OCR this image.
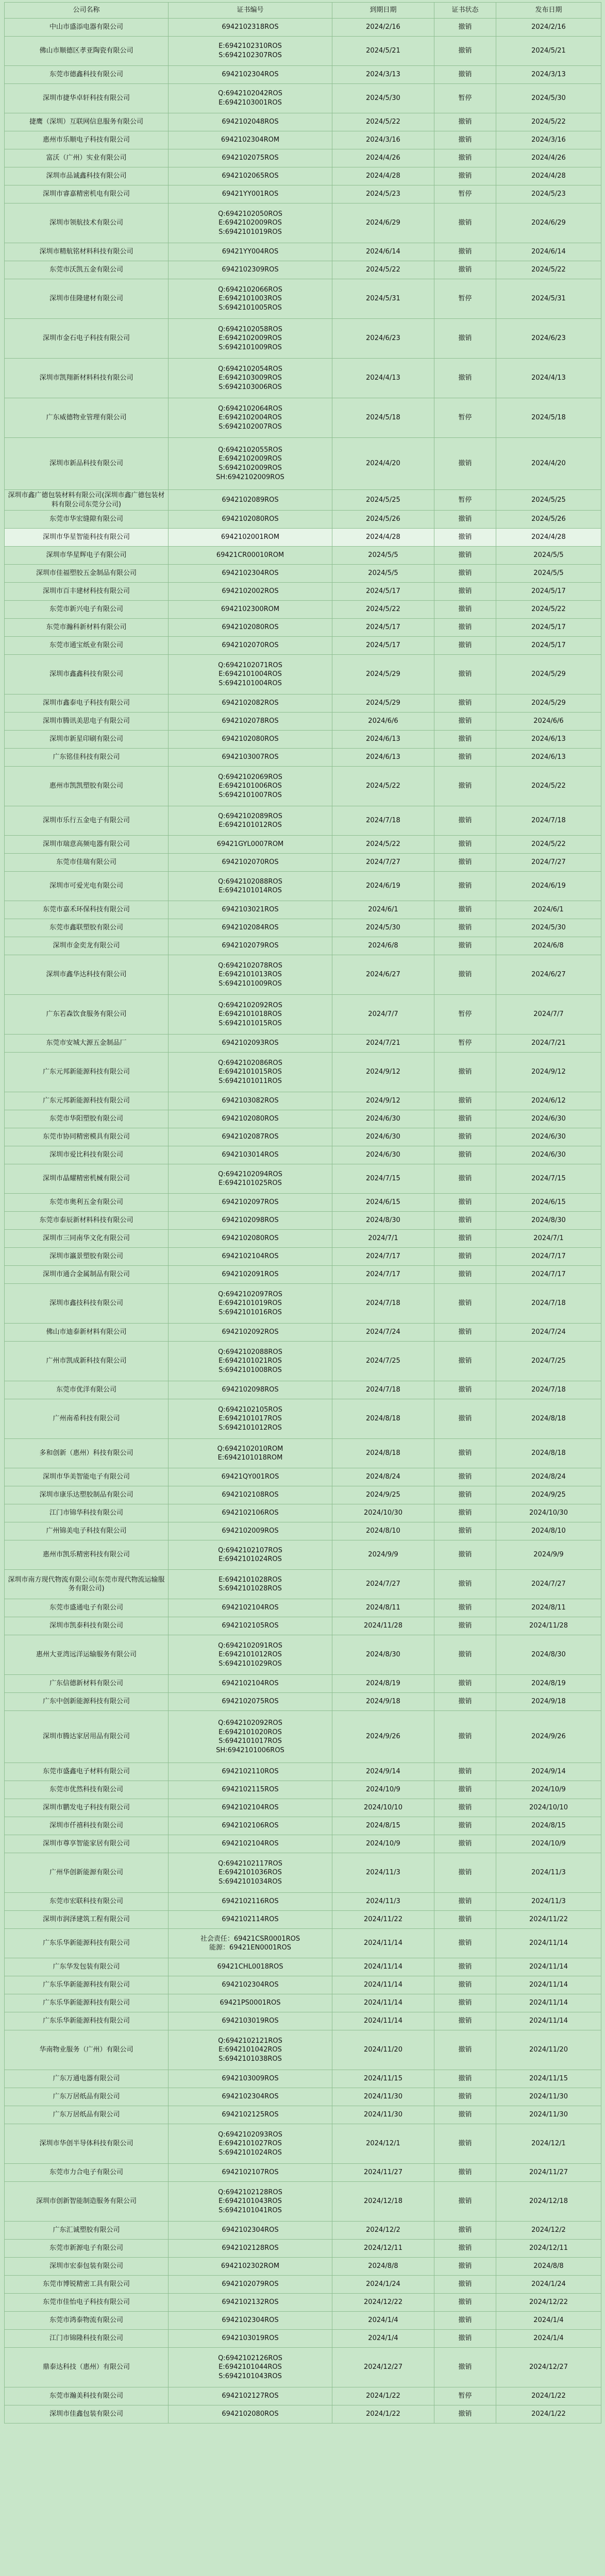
公司名称	证书编号	到期日期	证书状态	发布日期
中山市盛添电器有限公司	6942102318ROS	2024/2/16	撤销	2024/2/16
佛山市顺德区孝亚陶瓷有限公司	E:6942102310ROS
S:6942102307ROS	2024/5/21	撤销	2024/5/21
东莞市德鑫科技有限公司	6942102304ROS	2024/3/13	撤销	2024/3/13
深圳市捷华卓轩科技有限公司	Q:6942102042ROS
E:6942103001ROS	2024/5/30	暂停	2024/5/30
捷鹰（深圳）互联网信息服务有限公司	6942102048ROS	2024/5/22	撤销	2024/5/22
惠州市乐顺电子科技有限公司	6942102304ROM	2024/3/16	撤销	2024/3/16
富沃（广州）实业有限公司	6942102075ROS	2024/4/26	撤销	2024/4/26
深圳市品诚鑫科技有限公司	6942102065ROS	2024/4/28	撤销	2024/4/28
深圳市睿嘉精密机电有限公司	69421YY001ROS	2024/5/23	暂停	2024/5/23
深圳市领航技术有限公司	Q:6942102050ROS
E:6942102009ROS
S:6942101019ROS	2024/6/29	撤销	2024/6/29
深圳市精航铭材料科技有限公司	69421YY004ROS	2024/6/14	撤销	2024/6/14
东莞市沃凯五金有限公司	6942102309ROS	2024/5/22	撤销	2024/5/22
深圳市佳隆建材有限公司	Q:6942102066ROS
E:6942101003ROS
S:6942101005ROS	2024/5/31	暂停	2024/5/31
深圳市金石电子科技有限公司	Q:6942102058ROS
E:6942102009ROS
S:6942101009ROS	2024/6/23	撤销	2024/6/23
深圳市凯翔新材料科技有限公司	Q:6942102054ROS
E:6942103009ROS
S:6942103006ROS	2024/4/13	撤销	2024/4/13
广东威德物业管理有限公司	Q:6942102064ROS
E:6942102004ROS
S:6942102007ROS	2024/5/18	暂停	2024/5/18
深圳市新品科技有限公司	Q:6942102055ROS
E:6942102009ROS
S:6942102009ROS
SH:6942102009ROS	2024/4/20	撤销	2024/4/20
深圳市鑫广德包装材料有限公司(深圳市鑫广德包装材料有限公司东莞分公司)	6942102089ROS	2024/5/25	暂停	2024/5/25
东莞市华宏缝隙有限公司	6942102080ROS	2024/5/26	撤销	2024/5/26
深圳市华星智能科技有限公司	6942102001ROM	2024/4/28	撤销	2024/4/28
深圳市华星辉电子有限公司	69421CR00010ROM	2024/5/5	撤销	2024/5/5
深圳市佳福塑胶五金制品有限公司	6942102304ROS	2024/5/5	撤销	2024/5/5
深圳市百丰建材科技有限公司	6942102002ROS	2024/5/17	撤销	2024/5/17
东莞市新兴电子有限公司	6942102300ROM	2024/5/22	撤销	2024/5/22
东莞市瀚科新材料有限公司	6942102080ROS	2024/5/17	撤销	2024/5/17
东莞市通宝纸业有限公司	6942102070ROS	2024/5/17	撤销	2024/5/17
深圳市鑫鑫科技有限公司	Q:6942102071ROS
E:6942101004ROS
S:6942101004ROS	2024/5/29	撤销	2024/5/29
深圳市鑫泰电子科技有限公司	6942102082ROS	2024/5/29	撤销	2024/5/29
深圳市腾讯美思电子有限公司	6942102078ROS	2024/6/6	撤销	2024/6/6
深圳市新星印刷有限公司	6942102080ROS	2024/6/13	撤销	2024/6/13
广东铭佳科技有限公司	6942103007ROS	2024/6/13	撤销	2024/6/13
惠州市凯凯塑胶有限公司	Q:6942102069ROS
E:6942101006ROS
S:6942101007ROS	2024/5/22	撤销	2024/5/22
深圳市乐行五金电子有限公司	Q:6942102089ROS
E:6942101012ROS	2024/7/18	撤销	2024/7/18
深圳市瑞意高频电器有限公司	69421GYL0007ROM	2024/5/22	撤销	2024/5/22
东莞市佳瑞有限公司	6942102070ROS	2024/7/27	撤销	2024/7/27
深圳市可爱光电有限公司	Q:6942102088ROS
E:6942101014ROS	2024/6/19	撤销	2024/6/19
东莞市嘉禾环保科技有限公司	6942103021ROS	2024/6/1	撤销	2024/6/1
东莞市鑫联塑胶有限公司	6942102084ROS	2024/5/30	撤销	2024/5/30
深圳市金奕龙有限公司	6942102079ROS	2024/6/8	撤销	2024/6/8
深圳市鑫华达科技有限公司	Q:6942102078ROS
E:6942101013ROS
S:6942101009ROS	2024/6/27	撤销	2024/6/27
广东若森饮食服务有限公司	Q:6942102092ROS
E:6942101018ROS
S:6942101015ROS	2024/7/7	暂停	2024/7/7
东莞市安城大源五金制品厂	6942102093ROS	2024/7/21	暂停	2024/7/21
广东元邦新能源科技有限公司	Q:6942102086ROS
E:6942101015ROS
S:6942101011ROS	2024/9/12	撤销	2024/9/12
广东元邦新能源科技有限公司	6942103082ROS	2024/9/12	撤销	2024/6/12
东莞市华阳塑胶有限公司	6942102080ROS	2024/6/30	撤销	2024/6/30
东莞市协同精密模具有限公司	6942102087ROS	2024/6/30	撤销	2024/6/30
深圳市爱比科技有限公司	6942103014ROS	2024/6/30	撤销	2024/6/30
深圳市晶耀精密机械有限公司	Q:6942102094ROS
E:6942101025ROS	2024/7/15	撤销	2024/7/15
东莞市奥利五金有限公司	6942102097ROS	2024/6/15	撤销	2024/6/15
东莞市泰辰新材料科技有限公司	6942102098ROS	2024/8/30	撤销	2024/8/30
深圳市三同南华文化有限公司	6942102080ROS	2024/7/1	撤销	2024/7/1
深圳市瀛景塑胶有限公司	6942102104ROS	2024/7/17	撤销	2024/7/17
深圳市通合金属制品有限公司	6942102091ROS	2024/7/17	撤销	2024/7/17
深圳市鑫技科技有限公司	Q:6942102097ROS
E:6942101019ROS
S:6942101016ROS	2024/7/18	撤销	2024/7/18
佛山市迪泰新材料有限公司	6942102092ROS	2024/7/24	撤销	2024/7/24
广州市凯成新科技有限公司	Q:6942102088ROS
E:6942101021ROS
S:6942101008ROS	2024/7/25	撤销	2024/7/25
东莞市优洋有限公司	6942102098ROS	2024/7/18	撤销	2024/7/18
广州南希科技有限公司	Q:6942102105ROS
E:6942101017ROS
S:6942101012ROS	2024/8/18	撤销	2024/8/18
多和创新（惠州）科技有限公司	Q:6942102010ROM
E:6942101018ROM	2024/8/18	撤销	2024/8/18
深圳市华美智能电子有限公司	69421QY001ROS	2024/8/24	撤销	2024/8/24
深圳市康乐达塑胶制品有限公司	6942102108ROS	2024/9/25	撤销	2024/9/25
江门市锦华科技有限公司	6942102106ROS	2024/10/30	撤销	2024/10/30
广州锦美电子科技有限公司	6942102009ROS	2024/8/10	撤销	2024/8/10
惠州市凯乐精密科技有限公司	Q:6942102107ROS
E:6942101024ROS	2024/9/9	撤销	2024/9/9
深圳市南方现代物流有限公司(东莞市现代物流运输服务有限公司)	E:6942101028ROS
S:6942101028ROS	2024/7/27	撤销	2024/7/27
东莞市盛通电子有限公司	6942102104ROS	2024/8/11	撤销	2024/8/11
深圳市凯泰科技有限公司	6942102105ROS	2024/11/28	撤销	2024/11/28
惠州大亚湾远洋运输服务有限公司	Q:6942102091ROS
E:6942101012ROS
S:6942101029ROS	2024/8/30	撤销	2024/8/30
广东信德新材料有限公司	6942102104ROS	2024/8/19	撤销	2024/8/19
广东中创新能源科技有限公司	6942102075ROS	2024/9/18	撤销	2024/9/18
深圳市腾达家居用品有限公司	Q:6942102092ROS
E:6942101020ROS
S:6942101017ROS
SH:6942101006ROS	2024/9/26	撤销	2024/9/26
东莞市盛鑫电子材料有限公司	6942102110ROS	2024/9/14	撤销	2024/9/14
东莞市优然科技有限公司	6942102115ROS	2024/10/9	撤销	2024/10/9
深圳市鹏发电子科技有限公司	6942102104ROS	2024/10/10	撤销	2024/10/10
深圳市仟禧科技有限公司	6942102106ROS	2024/8/15	撤销	2024/8/15
深圳市尊享智能家居有限公司	6942102104ROS	2024/10/9	撤销	2024/10/9
广州华创新能源有限公司	Q:6942102117ROS
E:6942101036ROS
S:6942101034ROS	2024/11/3	撤销	2024/11/3
东莞市宏联科技有限公司	6942102116ROS	2024/11/3	撤销	2024/11/3
深圳市润泽建筑工程有限公司	6942102114ROS	2024/11/22	撤销	2024/11/22
广东乐华新能源科技有限公司	社会责任：69421CSR0001ROS
能源：69421EN0001ROS	2024/11/14	撤销	2024/11/14
广东华发包装有限公司	69421CHL0018ROS	2024/11/14	撤销	2024/11/14
广东乐华新能源科技有限公司	6942102304ROS	2024/11/14	撤销	2024/11/14
广东乐华新能源科技有限公司	69421PS0001ROS	2024/11/14	撤销	2024/11/14
广东乐华新能源科技有限公司	6942103019ROS	2024/11/14	撤销	2024/11/14
华南物业服务（广州）有限公司	Q:6942102121ROS
E:6942101042ROS
S:6942101038ROS	2024/11/20	撤销	2024/11/20
广东万通电器有限公司	6942103009ROS	2024/11/15	撤销	2024/11/15
广东万居纸品有限公司	6942102304ROS	2024/11/30	撤销	2024/11/30
广东万居纸品有限公司	6942102125ROS	2024/11/30	撤销	2024/11/30
深圳市华创半导体科技有限公司	Q:6942102093ROS
E:6942101027ROS
S:6942101024ROS	2024/12/1	撤销	2024/12/1
东莞市力合电子有限公司	6942102107ROS	2024/11/27	撤销	2024/11/27
深圳市创新智能制造服务有限公司	Q:6942102128ROS
E:6942101043ROS
S:6942101041ROS	2024/12/18	撤销	2024/12/18
广东汇诚塑胶有限公司	6942102304ROS	2024/12/2	撤销	2024/12/2
东莞市新源电子有限公司	6942102128ROS	2024/12/11	撤销	2024/12/11
深圳市宏泰包装有限公司	6942102302ROM	2024/8/8	撤销	2024/8/8
东莞市博锐精密工具有限公司	6942102079ROS	2024/1/24	撤销	2024/1/24
东莞市佳怡电子科技有限公司	6942102132ROS	2024/12/22	撤销	2024/12/22
东莞市鸿泰物流有限公司	6942102304ROS	2024/1/4	撤销	2024/1/4
江门市锦隆科技有限公司	6942103019ROS	2024/1/4	撤销	2024/1/4
鼎泰达科技（惠州）有限公司	Q:6942102126ROS
E:6942101044ROS
S:6942101043ROS	2024/12/27	撤销	2024/12/27
东莞市瀚美科技有限公司	6942102127ROS	2024/1/22	暂停	2024/1/22
深圳市佳鑫包装有限公司	6942102080ROS	2024/1/22	撤销	2024/1/22
